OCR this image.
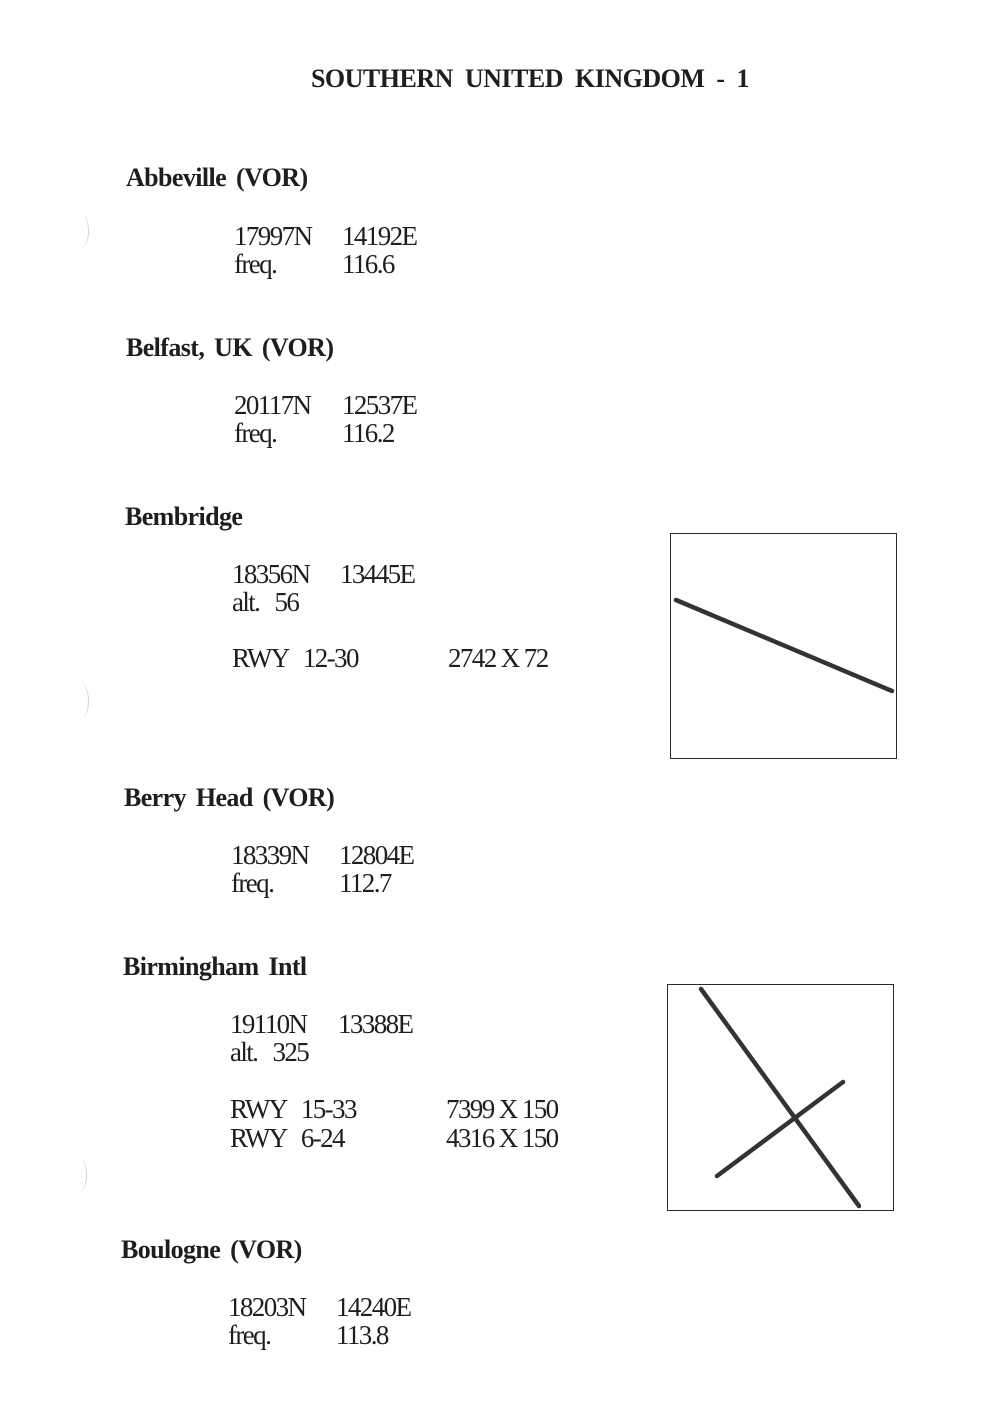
SOUTHERN UNITED KINGDOM - 1
Abbeville (VOR)
17997N 14192E
freq. 116.6
Belfast, UK (VOR)
20117N 12537E
freq. 116.2
Bembridge
18356N 13445E
alt. 56
RWY 12-30	2742 X 72
Berry Head (VOR)
18339N 12804E
freq. 112.7
Birmingham Intl
19110N 13388E
alt. 325
RWY 15-33	7399 X 150
RWY 6-24	4316 X 150
Boulogne (VOR)
18203N 14240E
freq. 113.8
